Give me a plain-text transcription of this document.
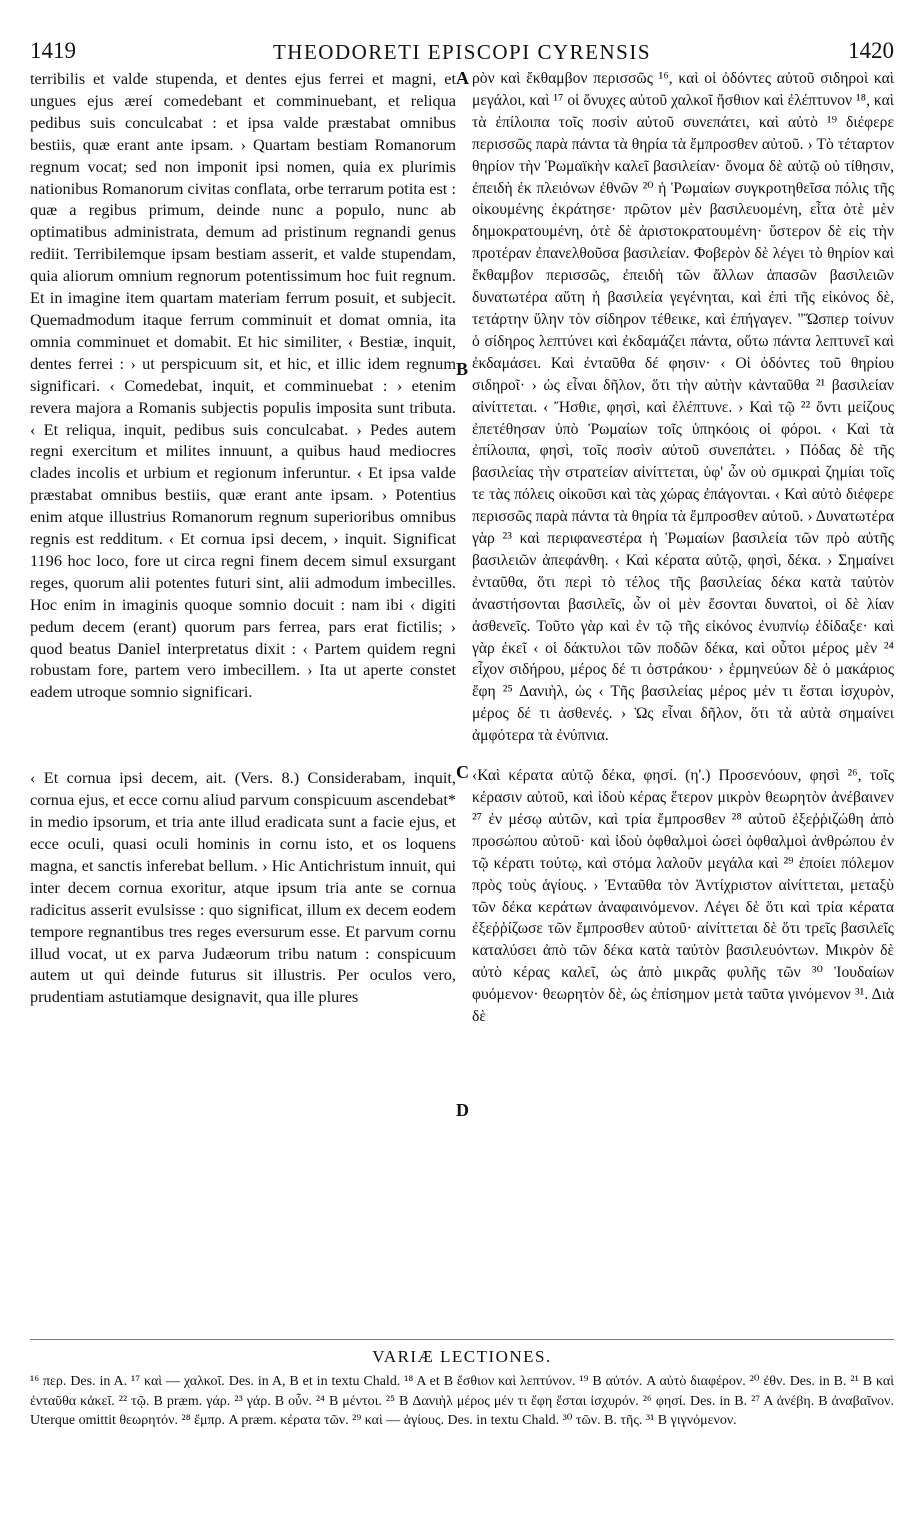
1419	THEODORETI EPISCOPI CYRENSIS	1420

terribilis et valde stupenda, et dentes ejus ferrei et magni, et ungues ejus æreí comedebant et comminuebant, et reliqua pedibus suis conculcabat : et ipsa valde præstabat omnibus bestiis, quæ erant ante ipsam. › Quartam bestiam Romanorum regnum vocat; sed non imponit ipsi nomen, quia ex plurimis nationibus Romanorum civitas conflata, orbe terrarum potita est : quæ a regibus primum, deinde nunc a populo, nunc ab optimatibus administrata, demum ad pristinum regnandi genus rediit. Terribilemque ipsam bestiam asserit, et valde stupendam, quia aliorum omnium regnorum potentissimum hoc fuit regnum. Et in imagine item quartam materiam ferrum posuit, et subjecit. Quemadmodum itaque ferrum comminuit et domat omnia, ita omnia comminuet et domabit. Et hic similiter, ‹ Bestiæ, inquit, dentes ferrei : › ut perspicuum sit, et hic, et illic idem regnum significari. ‹ Comedebat, inquit, et comminuebat : › etenim revera majora a Romanis subjectis populis imposita sunt tributa. ‹ Et reliqua, inquit, pedibus suis conculcabat. › Pedes autem regni exercitum et milites innuunt, a quibus haud mediocres clades incolis et urbium et regionum inferuntur. ‹ Et ipsa valde præstabat omnibus bestiis, quæ erant ante ipsam. › Potentius enim atque illustrius Romanorum regnum superioribus omnibus regnis est redditum. ‹ Et cornua ipsi decem, › inquit. Significat 1196 hoc loco, fore ut circa regni finem decem simul exsurgant reges, quorum alii potentes futuri sint, alii admodum imbecilles. Hoc enim in imaginis quoque somnio docuit : nam ibi ‹ digiti pedum decem (erant) quorum pars ferrea, pars erat fictilis; › quod beatus Daniel interpretatus dixit : ‹ Partem quidem regni robustam fore, partem vero imbecillem. › Ita ut aperte constet eadem utroque somnio significari.

‹ Et cornua ipsi decem, ait. (Vers. 8.) Considerabam, inquit, cornua ejus, et ecce cornu aliud parvum conspicuum ascendebat* in medio ipsorum, et tria ante illud eradicata sunt a facie ejus, et ecce oculi, quasi oculi hominis in cornu isto, et os loquens magna, et sanctis inferebat bellum. › Hic Antichristum innuit, qui inter decem cornua exoritur, atque ipsum tria ante se cornua radicitus asserit evulsisse : quo significat, illum ex decem eodem tempore regnantibus tres reges eversurum esse. Et parvum cornu illud vocat, ut ex parva Judæorum tribu natum : conspicuum autem ut qui deinde futurus sit illustris. Per oculos vero, prudentiam astutiamque designavit, qua ille plures

A
B
C
D

ρὸν καὶ ἔκθαμβον περισσῶς ¹⁶, καὶ οἱ ὀδόντες αὐτοῦ σιδηροὶ καὶ μεγάλοι, καὶ ¹⁷ οἱ ὄνυχες αὐτοῦ χαλκοῖ ἤσθιον καὶ ἐλέπτυνον ¹⁸, καὶ τὰ ἐπίλοιπα τοῖς ποσὶν αὐτοῦ συνεπάτει, καὶ αὐτὸ ¹⁹ διέφερε περισσῶς παρὰ πάντα τὰ θηρία τὰ ἔμπροσθεν αὐτοῦ. › Τὸ τέταρτον θηρίον τὴν Ῥωμαϊκὴν καλεῖ βασιλείαν· ὄνομα δὲ αὐτῷ οὐ τίθησιν, ἐπειδὴ ἐκ πλειόνων ἐθνῶν ²⁰ ἡ Ῥωμαίων συγκροτηθεῖσα πόλις τῆς οἰκουμένης ἐκράτησε· πρῶτον μὲν βασιλευομένη, εἶτα ὁτὲ μὲν δημοκρατουμένη, ὁτὲ δὲ ἀριστοκρατουμένη· ὕστερον δὲ εἰς τὴν προτέραν ἐπανελθοῦσα βασιλείαν. Φοβερὸν δὲ λέγει τὸ θηρίον καὶ ἔκθαμβον περισσῶς, ἐπειδὴ τῶν ἄλλων ἁπασῶν βασιλειῶν δυνατωτέρα αὕτη ἡ βασιλεία γεγένηται, καὶ ἐπὶ τῆς εἰκόνος δὲ, τετάρτην ὕλην τὸν σίδηρον τέθεικε, καὶ ἐπήγαγεν. "Ὥσπερ τοίνυν ὁ σίδηρος λεπτύνει καὶ ἐκδαμάζει πάντα, οὕτω πάντα λεπτυνεῖ καὶ ἐκδαμάσει. Καὶ ἐνταῦθα δέ φησιν· ‹ Οἱ ὀδόντες τοῦ θηρίου σιδηροῖ· › ὡς εἶναι δῆλον, ὅτι τὴν αὐτὴν κἀνταῦθα ²¹ βασιλείαν αἰνίττεται. ‹ Ἤσθιε, φησὶ, καὶ ἐλέπτυνε. › Καὶ τῷ ²² ὄντι μείζους ἐπετέθησαν ὑπὸ Ῥωμαίων τοῖς ὑπηκόοις οἱ φόροι. ‹ Καὶ τὰ ἐπίλοιπα, φησὶ, τοῖς ποσὶν αὐτοῦ συνεπάτει. › Πόδας δὲ τῆς βασιλείας τὴν στρατείαν αἰνίττεται, ὑφ' ὧν οὐ σμικραὶ ζημίαι τοῖς τε τὰς πόλεις οἰκοῦσι καὶ τὰς χώρας ἐπάγονται. ‹ Καὶ αὐτὸ διέφερε περισσῶς παρὰ πάντα τὰ θηρία τὰ ἔμπροσθεν αὐτοῦ. › Δυνατωτέρα γὰρ ²³ καὶ περιφανεστέρα ἡ Ῥωμαίων βασιλεία τῶν πρὸ αὐτῆς βασιλειῶν ἀπεφάνθη. ‹ Καὶ κέρατα αὐτῷ, φησὶ, δέκα. › Σημαίνει ἐνταῦθα, ὅτι περὶ τὸ τέλος τῆς βασιλείας δέκα κατὰ ταὐτὸν ἀναστήσονται βασιλεῖς, ὧν οἱ μὲν ἔσονται δυνατοὶ, οἱ δὲ λίαν ἀσθενεῖς. Τοῦτο γὰρ καὶ ἐν τῷ τῆς εἰκόνος ἐνυπνίῳ ἐδίδαξε· καὶ γὰρ ἐκεῖ ‹ οἱ δάκτυλοι τῶν ποδῶν δέκα, καὶ οὗτοι μέρος μὲν ²⁴ εἶχον σιδήρου, μέρος δέ τι ὀστράκου· › ἑρμηνεύων δὲ ὁ μακάριος ἔφη ²⁵ Δανιὴλ, ὡς ‹ Τῆς βασιλείας μέρος μέν τι ἔσται ἰσχυρὸν, μέρος δέ τι ἀσθενές. › Ὡς εἶναι δῆλον, ὅτι τὰ αὐτὰ σημαίνει ἀμφότερα τὰ ἐνύπνια.

‹Καὶ κέρατα αὐτῷ δέκα, φησί. (η'.) Προσενόουν, φησὶ ²⁶, τοῖς κέρασιν αὐτοῦ, καὶ ἰδοὺ κέρας ἕτερον μικρὸν θεωρητὸν ἀνέβαινεν ²⁷ ἐν μέσῳ αὐτῶν, καὶ τρία ἔμπροσθεν ²⁸ αὐτοῦ ἐξεῤῥιζώθη ἀπὸ προσώπου αὐτοῦ· καὶ ἰδοὺ ὀφθαλμοὶ ὡσεὶ ὀφθαλμοὶ ἀνθρώπου ἐν τῷ κέρατι τούτῳ, καὶ στόμα λαλοῦν μεγάλα καὶ ²⁹ ἐποίει πόλεμον πρὸς τοὺς ἁγίους. › Ἐνταῦθα τὸν Ἀντίχριστον αἰνίττεται, μεταξὺ τῶν δέκα κεράτων ἀναφαινόμενον. Λέγει δὲ ὅτι καὶ τρία κέρατα ἐξεῤῥίζωσε τῶν ἔμπροσθεν αὐτοῦ· αἰνίττεται δὲ ὅτι τρεῖς βασιλεῖς καταλύσει ἀπὸ τῶν δέκα κατὰ ταὐτὸν βασιλευόντων. Μικρὸν δὲ αὐτὸ κέρας καλεῖ, ὡς ἀπὸ μικρᾶς φυλῆς τῶν ³⁰ Ἰουδαίων φυόμενον· θεωρητὸν δὲ, ὡς ἐπίσημον μετὰ ταῦτα γινόμενον ³¹. Διὰ δὲ

VARIÆ LECTIONES.

¹⁶ περ. Des. in A. ¹⁷ καὶ — χαλκοῖ. Des. in A, B et in textu Chald. ¹⁸ A et B ἔσθιον καὶ λεπτύνον. ¹⁹ B αὐτόν. A αὐτὸ διαφέρον. ²⁰ ἐθν. Des. in B. ²¹ B καὶ ἐνταῦθα κἀκεῖ. ²² τῷ. B præm. γάρ. ²³ γάρ. B οὖν. ²⁴ B μέντοι. ²⁵ B Δανιὴλ μέρος μέν τι ἔφη ἔσται ἰσχυρόν. ²⁶ φησί. Des. in B. ²⁷ A ἀνέβη. B ἀναβαῖνον. Uterque omittit θεωρητόν. ²⁸ ἔμπρ. A præm. κέρατα τῶν. ²⁹ καὶ — ἁγίους. Des. in textu Chald. ³⁰ τῶν. B. τῆς. ³¹ B γιγνόμενον.
